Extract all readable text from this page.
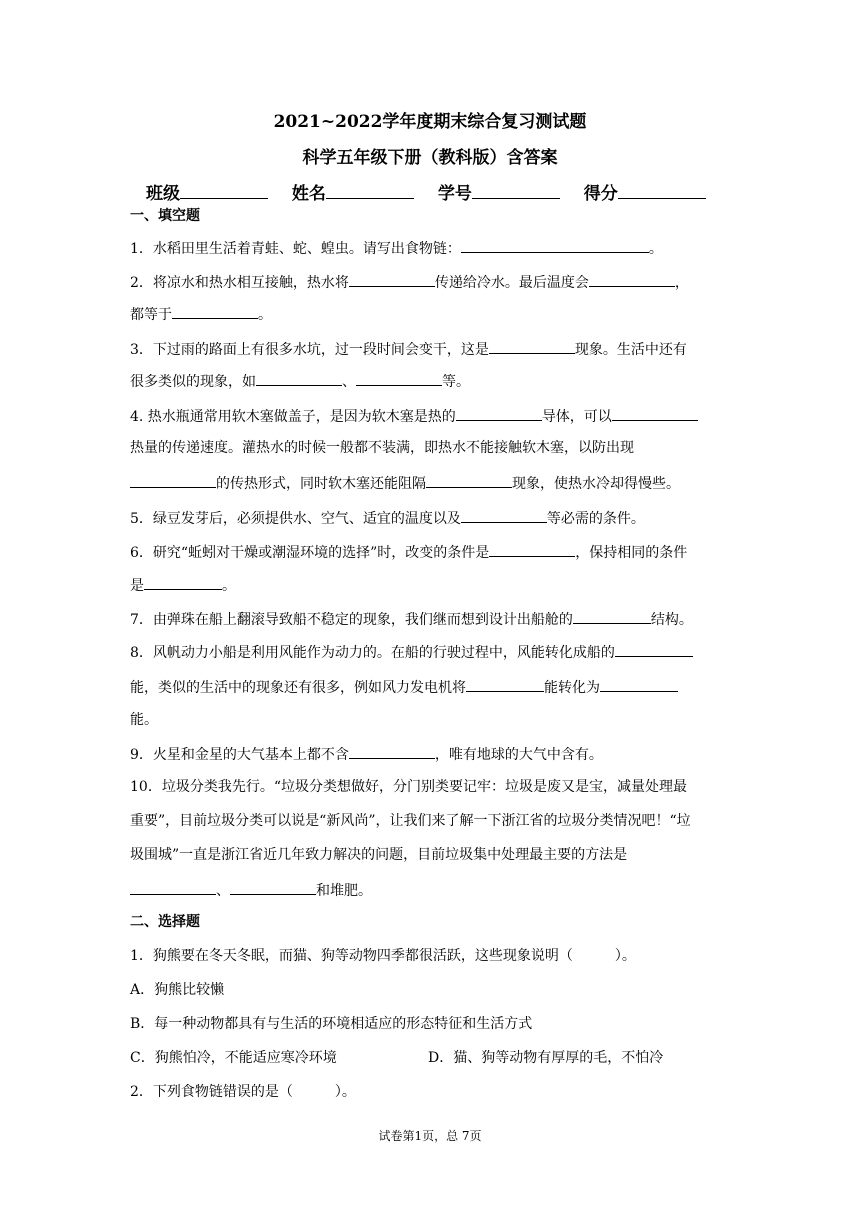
2021~2022学年度期末综合复习测试题
科学五年级下册（教科版）含答案
班级	姓名	学号	得分
一、填空题
1．水稻田里生活着青蛙、蛇、蝗虫。请写出食物链：	。
2．将凉水和热水相互接触，热水将	传递给冷水。最后温度会	，
都等于	。
3．下过雨的路面上有很多水坑，过一段时间会变干，这是	现象。生活中还有
很多类似的现象，如	、	等。
4. 热水瓶通常用软木塞做盖子，是因为软木塞是热的	导体，可以
热量的传递速度。灌热水的时候一般都不装满，即热水不能接触软木塞，以防出现
的传热形式，同时软木塞还能阻隔	现象，使热水冷却得慢些。
5．绿豆发芽后，必须提供水、空气、适宜的温度以及	等必需的条件。
6．研究“蚯蚓对干燥或潮湿环境的选择”时，改变的条件是	，保持相同的条件
是	。
7．由弹珠在船上翻滚导致船不稳定的现象，我们继而想到设计出船舱的	结构。
8．风帆动力小船是利用风能作为动力的。在船的行驶过程中，风能转化成船的
能，类似的生活中的现象还有很多，例如风力发电机将	能转化为
能。
9．火星和金星的大气基本上都不含	，唯有地球的大气中含有。
10．垃圾分类我先行。“垃圾分类想做好，分门别类要记牢：垃圾是废又是宝，减量处理最
重要”，目前垃圾分类可以说是“新风尚”，让我们来了解一下浙江省的垃圾分类情况吧！“垃
圾围城”一直是浙江省近几年致力解决的问题，目前垃圾集中处理最主要的方法是
、	和堆肥。
二、选择题
1．狗熊要在冬天冬眠，而猫、狗等动物四季都很活跃，这些现象说明（　　　）。
A．狗熊比较懒
B．每一种动物都具有与生活的环境相适应的形态特征和生活方式
C．狗熊怕冷，不能适应寒冷环境	D．猫、狗等动物有厚厚的毛，不怕冷
2．下列食物链错误的是（　　　）。
试卷第1页，总 7页
